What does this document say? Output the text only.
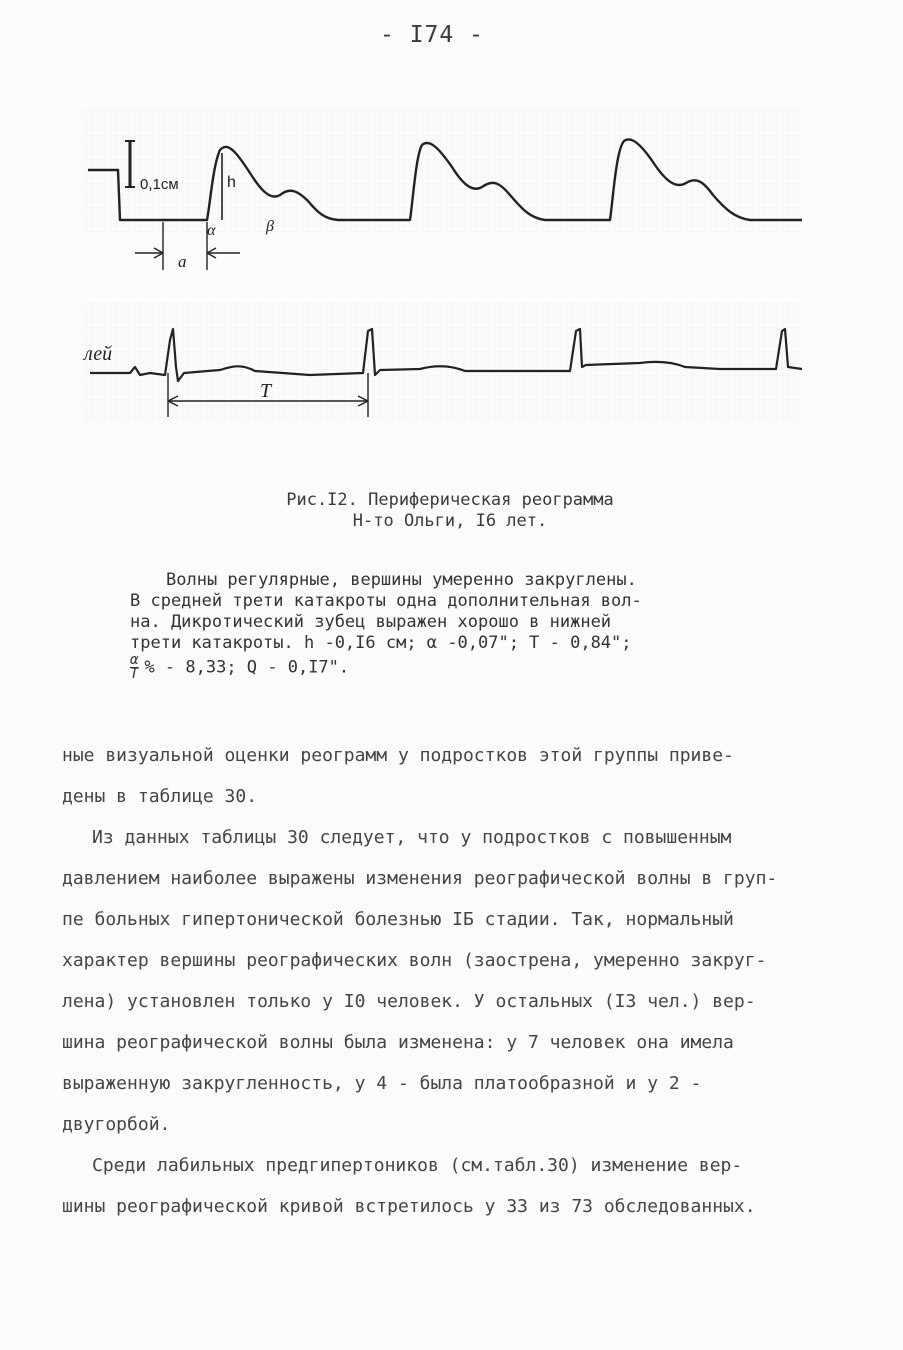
- I74 -
0,1см	h
α	β
a
лей
T
Рис.I2. Периферическая реограмма
Н-то Ольги, I6 лет.
Волны регулярные, вершины умеренно закруглены.
В средней трети катакроты одна дополнительная вол-
на. Дикротический зубец выражен хорошо в нижней
трети катакроты. h -0,I6 см; α -0,07"; T - 0,84";
$\frac{\alpha}{T}$ % - 8,33; Q - 0,I7".
ные визуальной оценки реограмм у подростков этой группы приве-
дены в таблице 30.
Из данных таблицы 30 следует, что у подростков с повышенным
давлением наиболее выражены изменения реографической волны в груп-
пе больных гипертонической болезнью IБ стадии. Так, нормальный
характер вершины реографических волн (заострена, умеренно закруг-
лена) установлен только у I0 человек. У остальных (I3 чел.) вер-
шина реографической волны была изменена: у 7 человек она имела
выраженную закругленность, у 4 - была платообразной и у 2 -
двугорбой.
Среди лабильных предгипертоников (см.табл.30) изменение вер-
шины реографической кривой встретилось у 33 из 73 обследованных.
